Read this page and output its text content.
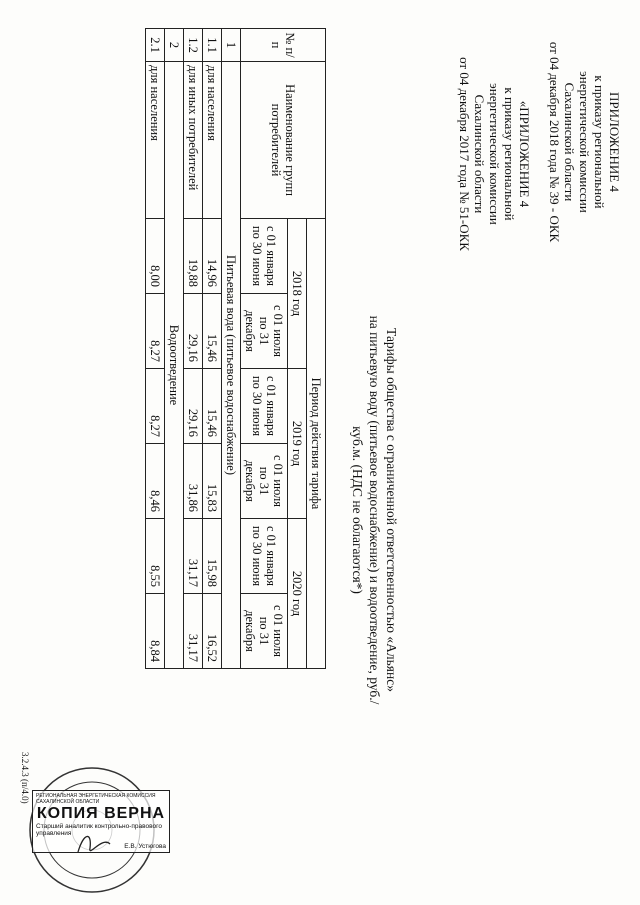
ПРИЛОЖЕНИЕ 4
к приказу региональной
энергетической комиссии
Сахалинской области
от 04 декабря 2018 года № 39 - ОКК
«ПРИЛОЖЕНИЕ 4
к приказу региональной
энергетической комиссии
Сахалинской области
от 04 декабря 2017 года № 51-ОКК
Тарифы общества с ограниченной ответственностью «Альянс»
на питьевую воду (питьевое водоснабжение) и водоотведение, руб./куб.м. (НДС не облагаются*)
№ п/п	Наименование групп потребителей	Период действия тарифа					
		2018 год		2019 год		2020 год	
		с 01 января по 30 июня	с 01 июля по 31 декабря	с 01 января по 30 июня	с 01 июля по 31 декабря	с 01 января по 30 июня	с 01 июля по 31 декабря
1	Питьевая вода (питьевое водоснабжение)						
1.1	для населения	14,96	15,46	15,46	15,83	15,98	16,52
1.2	для иных потребителей	19,88	29,16	29,16	31,86	31,17	31,17
2	Водоотведение						
2.1	для населения	8,00	8,27	8,27	8,46	8,55	8,84
3.2.4.3 (п/4.0) РЕГИОНАЛЬНАЯ ЭНЕРГЕТИЧЕСКАЯ КОМИССИЯ САХАЛИНСКОЙ ОБЛАСТИ
КОПИЯ ВЕРНА
Старший аналитик контрольно-правового управления
Е.В. Устюгова
